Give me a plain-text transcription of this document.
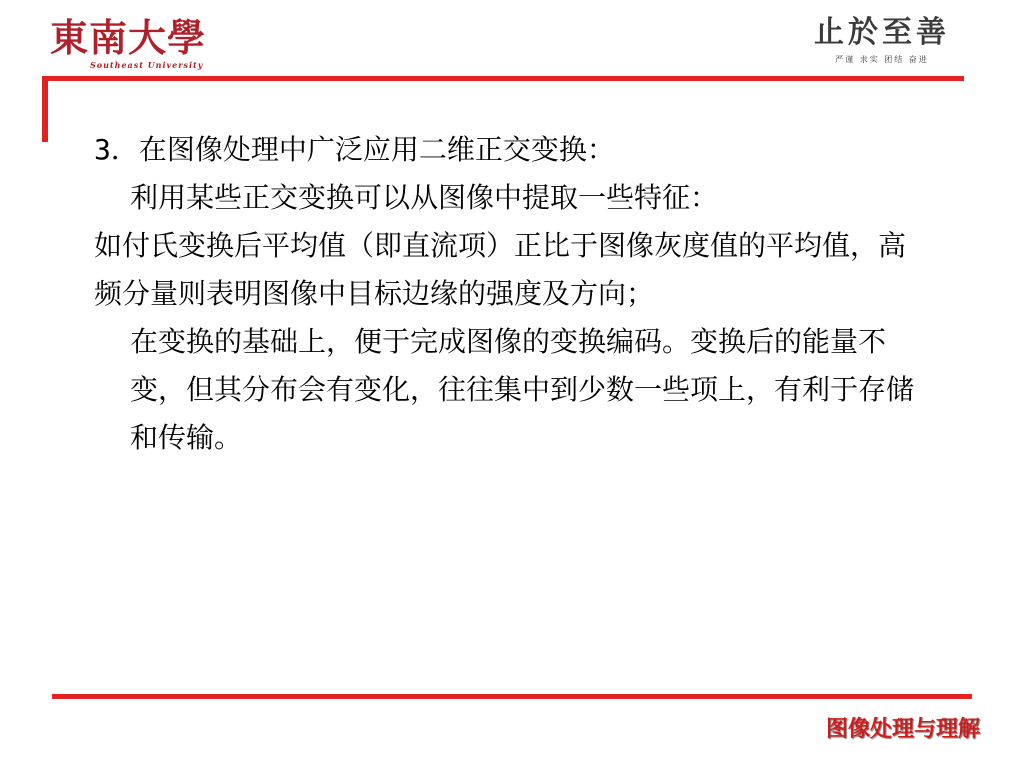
東南大學
Southeast University
止於至善
严谨 求实 团结 奋进

3．在图像处理中广泛应用二维正交变换：

利用某些正交变换可以从图像中提取一些特征：

如付氏变换后平均值（即直流项）正比于图像灰度值的平均值，高频分量则表明图像中目标边缘的强度及方向；

在变换的基础上，便于完成图像的变换编码。变换后的能量不变，但其分布会有变化，往往集中到少数一些项上，有利于存储和传输。

图像处理与理解
